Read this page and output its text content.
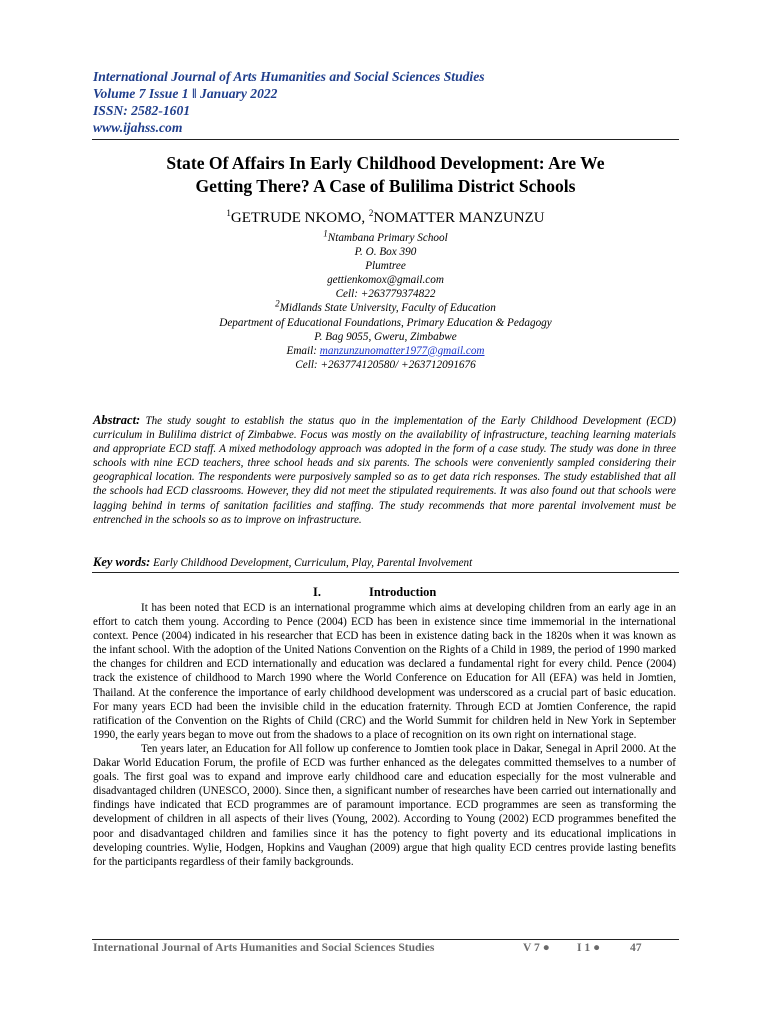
International Journal of Arts Humanities and Social Sciences Studies
Volume 7 Issue 1 ǁ January 2022
ISSN: 2582-1601
www.ijahss.com
State Of Affairs In Early Childhood Development: Are We
Getting There? A Case of Bulilima District Schools
$^1$GETRUDE NKOMO, $^2$NOMATTER MANZUNZU
$^1$Ntambana Primary School
P. O. Box 390
Plumtree
gettienkomox@gmail.com
Cell: +263779374822
$^2$Midlands State University, Faculty of Education
Department of Educational Foundations, Primary Education & Pedagogy
P. Bag 9055, Gweru, Zimbabwe
Email: manzunzunomatter1977@gmail.com
Cell: +263774120580/ +263712091676
Abstract: The study sought to establish the status quo in the implementation of the Early Childhood Development (ECD) curriculum in Bulilima district of Zimbabwe. Focus was mostly on the availability of infrastructure, teaching learning materials and appropriate ECD staff. A mixed methodology approach was adopted in the form of a case study. The study was done in three schools with nine ECD teachers, three school heads and six parents. The schools were conveniently sampled considering their geographical location. The respondents were purposively sampled so as to get data rich responses. The study established that all the schools had ECD classrooms. However, they did not meet the stipulated requirements. It was also found out that schools were lagging behind in terms of sanitation facilities and staffing. The study recommends that more parental involvement must be entrenched in the schools so as to improve on infrastructure.
Key words: Early Childhood Development, Curriculum, Play, Parental Involvement
I.	Introduction

It has been noted that ECD is an international programme which aims at developing children from an early age in an effort to catch them young. According to Pence (2004) ECD has been in existence since time immemorial in the international context. Pence (2004) indicated in his researcher that ECD has been in existence dating back in the 1820s when it was known as the infant school. With the adoption of the United Nations Convention on the Rights of a Child in 1989, the period of 1990 marked the changes for children and ECD internationally and education was declared a fundamental right for every child. Pence (2004) track the existence of childhood to March 1990 where the World Conference on Education for All (EFA) was held in Jomtien, Thailand. At the conference the importance of early childhood development was underscored as a crucial part of basic education. For many years ECD had been the invisible child in the education fraternity. Through ECD at Jomtien Conference, the rapid ratification of the Convention on the Rights of Child (CRC) and the World Summit for children held in New York in September 1990, the early years began to move out from the shadows to a place of recognition on its own right on international stage.

Ten years later, an Education for All follow up conference to Jomtien took place in Dakar, Senegal in April 2000. At the Dakar World Education Forum, the profile of ECD was further enhanced as the delegates committed themselves to a number of goals. The first goal was to expand and improve early childhood care and education especially for the most vulnerable and disadvantaged children (UNESCO, 2000). Since then, a significant number of researches have been carried out internationally and findings have indicated that ECD programmes are of paramount importance. ECD programmes are seen as transforming the development of children in all aspects of their lives (Young, 2002). According to Young (2002) ECD programmes benefited the poor and disadvantaged children and families since it has the potency to fight poverty and its educational implications in developing countries. Wylie, Hodgen, Hopkins and Vaughan (2009) argue that high quality ECD centres provide lasting benefits for the participants regardless of their family backgrounds.

International Journal of Arts Humanities and Social Sciences Studies	V 7 ● I 1 ●	47
